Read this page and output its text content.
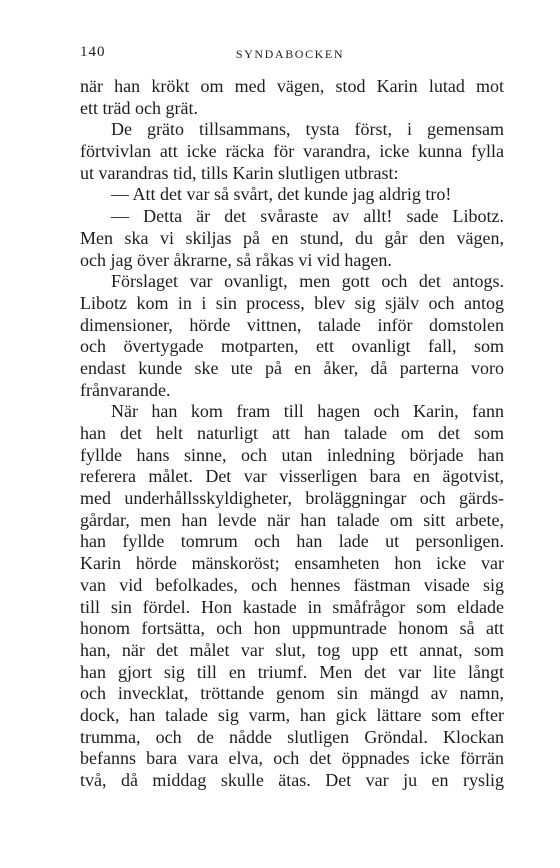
140	SYNDABOCKEN
när han krökt om med vägen, stod Karin lutad mot
ett träd och grät.
De gräto tillsammans, tysta först, i gemensam
förtvivlan att icke räcka för varandra, icke kunna fylla
ut varandras tid, tills Karin slutligen utbrast:
— Att det var så svårt, det kunde jag aldrig tro!
— Detta är det svåraste av allt! sade Libotz.
Men ska vi skiljas på en stund, du går den vägen,
och jag över åkrarne, så råkas vi vid hagen.
Förslaget var ovanligt, men gott och det antogs.
Libotz kom in i sin process, blev sig själv och antog
dimensioner, hörde vittnen, talade inför domstolen
och övertygade motparten, ett ovanligt fall, som
endast kunde ske ute på en åker, då parterna voro
frånvarande.
När han kom fram till hagen och Karin, fann
han det helt naturligt att han talade om det som
fyllde hans sinne, och utan inledning började han
referera målet. Det var visserligen bara en ägotvist,
med underhållsskyldigheter, broläggningar och gärds-
gårdar, men han levde när han talade om sitt arbete,
han fyllde tomrum och han lade ut personligen.
Karin hörde mänskoröst; ensamheten hon icke var
van vid befolkades, och hennes fästman visade sig
till sin fördel. Hon kastade in småfrågor som eldade
honom fortsätta, och hon uppmuntrade honom så att
han, när det målet var slut, tog upp ett annat, som
han gjort sig till en triumf. Men det var lite långt
och invecklat, tröttande genom sin mängd av namn,
dock, han talade sig varm, han gick lättare som efter
trumma, och de nådde slutligen Gröndal. Klockan
befanns bara vara elva, och det öppnades icke förrän
två, då middag skulle ätas. Det var ju en ryslig
